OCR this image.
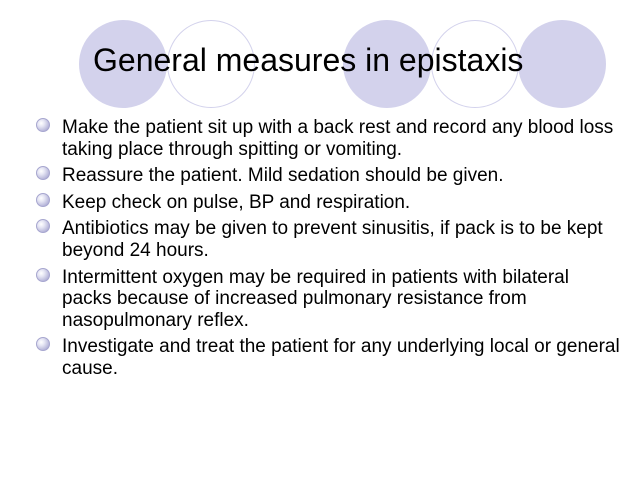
General measures in epistaxis
Make the patient sit up with a back rest and record any blood loss taking place through spitting or vomiting.
Reassure the patient. Mild sedation should be given.
Keep check on pulse, BP and respiration.
Antibiotics may be given to prevent sinusitis, if pack is to be kept beyond 24 hours.
Intermittent oxygen may be required in patients with bilateral packs because of increased pulmonary resistance from nasopulmonary reflex.
Investigate and treat the patient for any underlying local or general cause.
